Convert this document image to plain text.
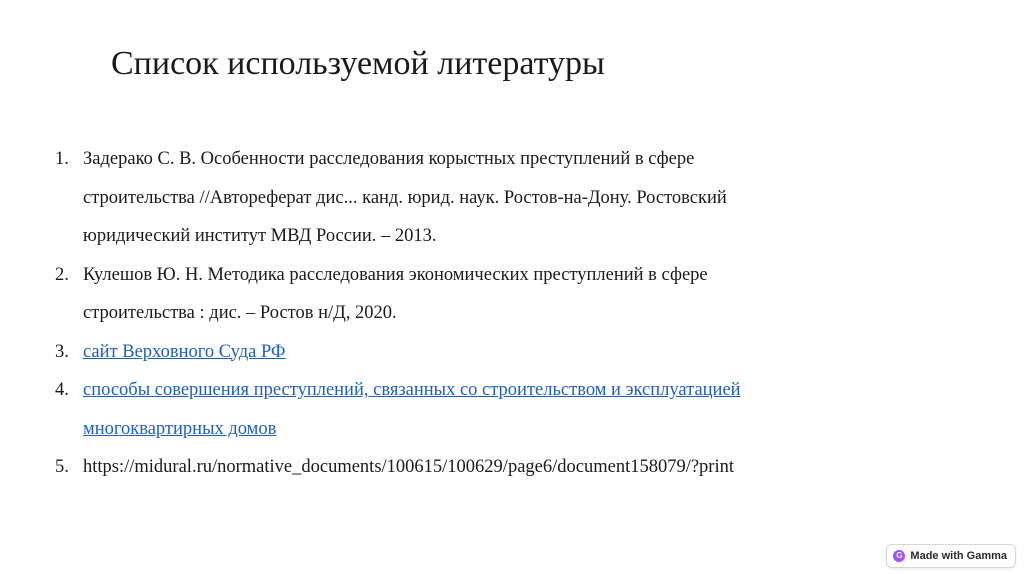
Список используемой литературы
1. Задерако С. В. Особенности расследования корыстных преступлений в сфере
строительства //Автореферат дис... канд. юрид. наук. Ростов-на-Дону. Ростовский
юридический институт МВД России. – 2013.
2. Кулешов Ю. Н. Методика расследования экономических преступлений в сфере
строительства : дис. – Ростов н/Д, 2020.
3. сайт Верховного Суда РФ
4. способы совершения преступлений, связанных со строительством и эксплуатацией
многоквартирных домов
5. https://midural.ru/normative_documents/100615/100629/page6/document158079/?print
G Made with Gamma
